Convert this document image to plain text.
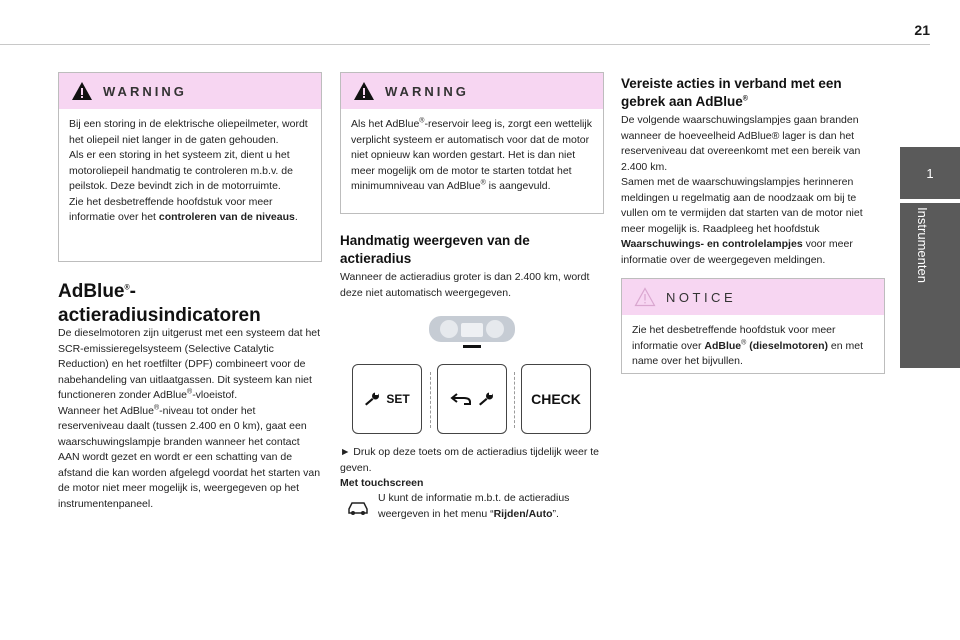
21
1
Instrumenten
WARNING
Bij een storing in de elektrische oliepeilmeter, wordt het oliepeil niet langer in de gaten gehouden.
Als er een storing in het systeem zit, dient u het motoroliepeil handmatig te controleren m.b.v. de peilstok. Deze bevindt zich in de motorruimte.
Zie het desbetreffende hoofdstuk voor meer informatie over het controleren van de niveaus.
AdBlue®-
actieradiusindicatoren
De dieselmotoren zijn uitgerust met een systeem dat het SCR-emissieregelsysteem (Selective Catalytic Reduction) en het roetfilter (DPF) combineert voor de nabehandeling van uitlaatgassen. Dit systeem kan niet functioneren zonder AdBlue®-vloeistof.
Wanneer het AdBlue®-niveau tot onder het reserveniveau daalt (tussen 2.400 en 0 km), gaat een waarschuwingslampje branden wanneer het contact AAN wordt gezet en wordt er een schatting van de afstand die kan worden afgelegd voordat het starten van de motor niet meer mogelijk is, weergegeven op het instrumentenpaneel.
WARNING
Als het AdBlue®-reservoir leeg is, zorgt een wettelijk verplicht systeem er automatisch voor dat de motor niet opnieuw kan worden gestart. Het is dan niet meer mogelijk om de motor te starten totdat het minimumniveau van AdBlue® is aangevuld.
Handmatig weergeven van de actieradius
Wanneer de actieradius groter is dan 2.400 km, wordt deze niet automatisch weergegeven.
SET	CHECK
► Druk op deze toets om de actieradius tijdelijk weer te geven.
Met touchscreen
U kunt de informatie m.b.t. de actieradius weergeven in het menu “Rijden/Auto”.
Vereiste acties in verband met een gebrek aan AdBlue®
De volgende waarschuwingslampjes gaan branden wanneer de hoeveelheid AdBlue® lager is dan het reserveniveau dat overeenkomt met een bereik van 2.400 km.
Samen met de waarschuwingslampjes herinneren meldingen u regelmatig aan de noodzaak om bij te vullen om te vermijden dat starten van de motor niet meer mogelijk is. Raadpleeg het hoofdstuk
Waarschuwings- en controlelampjes voor meer informatie over de weergegeven meldingen.
NOTICE
Zie het desbetreffende hoofdstuk voor meer informatie over AdBlue® (dieselmotoren) en met name over het bijvullen.
